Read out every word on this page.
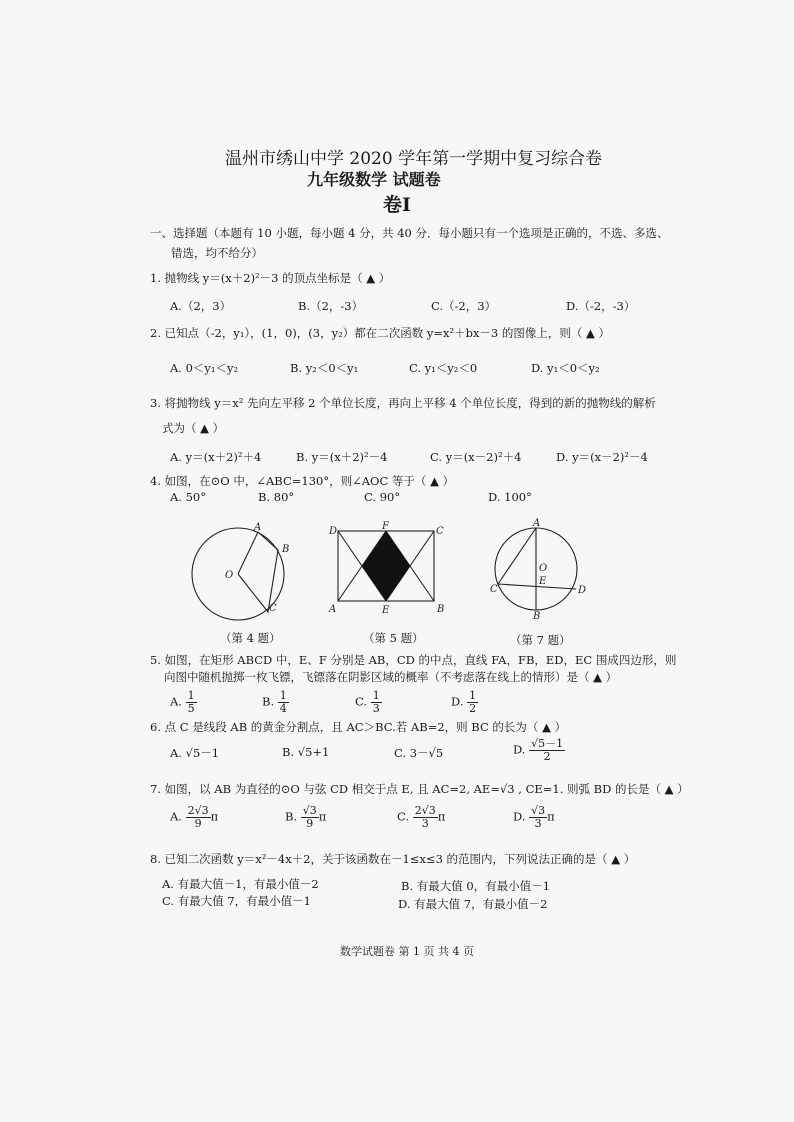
温州市绣山中学 2020 学年第一学期中复习综合卷
九年级数学 试题卷
卷Ⅰ
一、选择题（本题有 10 小题，每小题 4 分，共 40 分．每小题只有一个选项是正确的，不选、多选、
错选，均不给分）
1. 抛物线 y＝(x＋2)²－3 的顶点坐标是（ ▲ ）
A.（2，3）	B.（2，-3）	C.（-2，3）	D.（-2，-3）
2. 已知点（-2，y₁），(1，0)，(3，y₂）都在二次函数 y=x²＋bx－3 的图像上，则（ ▲ ）
A. 0＜y₁＜y₂	B. y₂＜0＜y₁	C. y₁＜y₂＜0	D. y₁＜0＜y₂
3. 将抛物线 y＝x² 先向左平移 2 个单位长度，再向上平移 4 个单位长度，得到的新的抛物线的解析
式为（ ▲ ）
A. y＝(x＋2)²＋4	B. y＝(x＋2)²－4	C. y＝(x－2)²＋4	D. y＝(x－2)²－4
4. 如图，在⊙O 中，∠ABC=130°，则∠AOC 等于（ ▲ ）
A. 50°	B. 80°	C. 90°	D. 100°
A
B
C
O
A	B
C
D
E
F	A
B
C	D
E
O
（第 4 题）	（第 5 题）	（第 7 题）
5. 如图，在矩形 ABCD 中，E、F 分别是 AB，CD 的中点，直线 FA，FB，ED，EC 围成四边形，则
向图中随机抛掷一枚飞镖，飞镖落在阴影区域的概率（不考虑落在线上的情形）是（ ▲ ）
A. $\frac{1}{5}$	B. $\frac{1}{4}$	C. $\frac{1}{3}$	D. $\frac{1}{2}$
6. 点 C 是线段 AB 的黄金分割点，且 AC＞BC.若 AB=2，则 BC 的长为（ ▲ ）
A. √5－1	B. √5+1	C. 3－√5	D. $\frac{√5-1}{2}$
7. 如图，以 AB 为直径的⊙O 与弦 CD 相交于点 E, 且 AC=2, AE=√3 , CE=1. 则弧 BD 的长是（ ▲ ）
A. $\frac{2√3}{9}$ π	B. $\frac{√3}{9}$ π	C. $\frac{2√3}{3}$ π	D. $\frac{√3}{3}$ π
8. 已知二次函数 y＝x²－4x＋2，关于该函数在－1≤x≤3 的范围内，下列说法正确的是（ ▲ ）
A. 有最大值－1，有最小值－2	B. 有最大值 0，有最小值－1
C. 有最大值 7，有最小值－1	D. 有最大值 7，有最小值－2
数学试题卷 第 1 页 共 4 页
